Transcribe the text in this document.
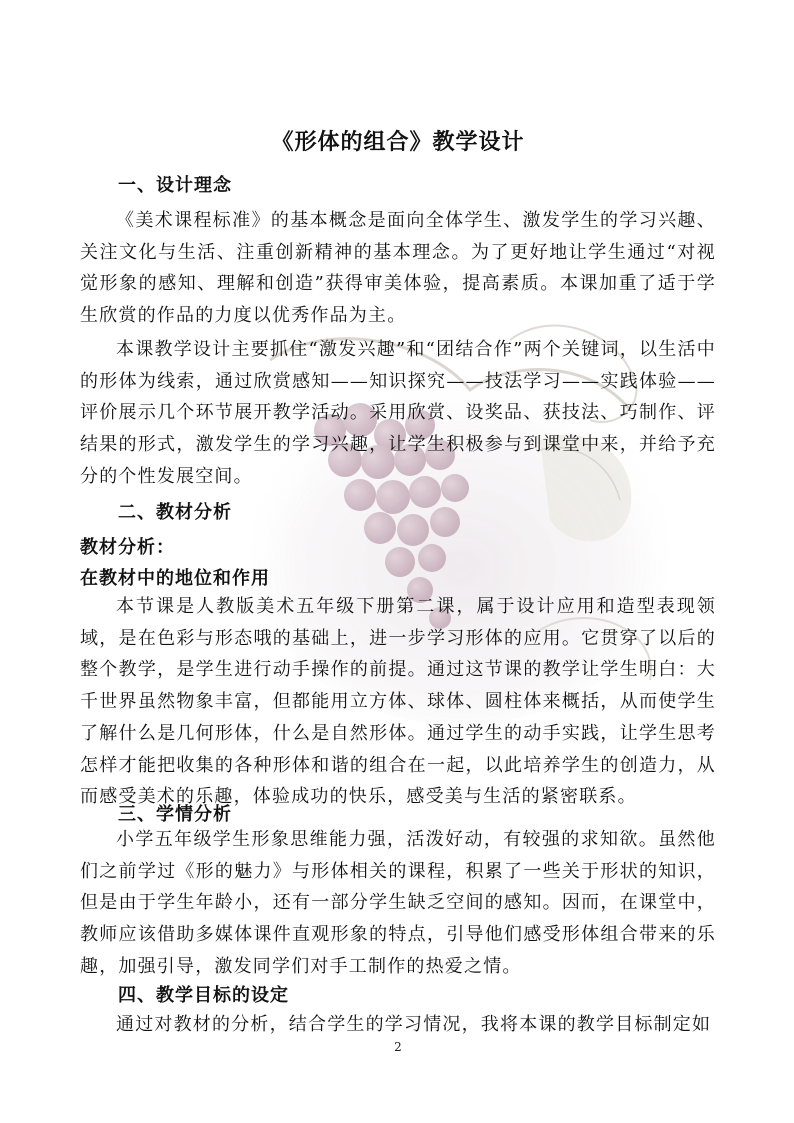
《形体的组合》教学设计
一、设计理念

《美术课程标准》的基本概念是面向全体学生、激发学生的学习兴趣、关注文化与生活、注重创新精神的基本理念。为了更好地让学生通过“对视觉形象的感知、理解和创造”获得审美体验，提高素质。本课加重了适于学生欣赏的作品的力度以优秀作品为主。

本课教学设计主要抓住“激发兴趣”和“团结合作”两个关键词，以生活中的形体为线索，通过欣赏感知——知识探究——技法学习——实践体验——评价展示几个环节展开教学活动。采用欣赏、设奖品、获技法、巧制作、评结果的形式，激发学生的学习兴趣，让学生积极参与到课堂中来，并给予充分的个性发展空间。

二、教材分析
教材分析：
在教材中的地位和作用

本节课是人教版美术五年级下册第二课，属于设计应用和造型表现领域，是在色彩与形态哦的基础上，进一步学习形体的应用。它贯穿了以后的整个教学，是学生进行动手操作的前提。通过这节课的教学让学生明白：大千世界虽然物象丰富，但都能用立方体、球体、圆柱体来概括，从而使学生了解什么是几何形体，什么是自然形体。通过学生的动手实践，让学生思考怎样才能把收集的各种形体和谐的组合在一起，以此培养学生的创造力，从而感受美术的乐趣，体验成功的快乐，感受美与生活的紧密联系。

三、学情分析

小学五年级学生形象思维能力强，活泼好动，有较强的求知欲。虽然他们之前学过《形的魅力》与形体相关的课程，积累了一些关于形状的知识，但是由于学生年龄小，还有一部分学生缺乏空间的感知。因而，在课堂中，教师应该借助多媒体课件直观形象的特点，引导他们感受形体组合带来的乐趣，加强引导，激发同学们对手工制作的热爱之情。

四、教学目标的设定

通过对教材的分析，结合学生的学习情况，我将本课的教学目标制定如

2
